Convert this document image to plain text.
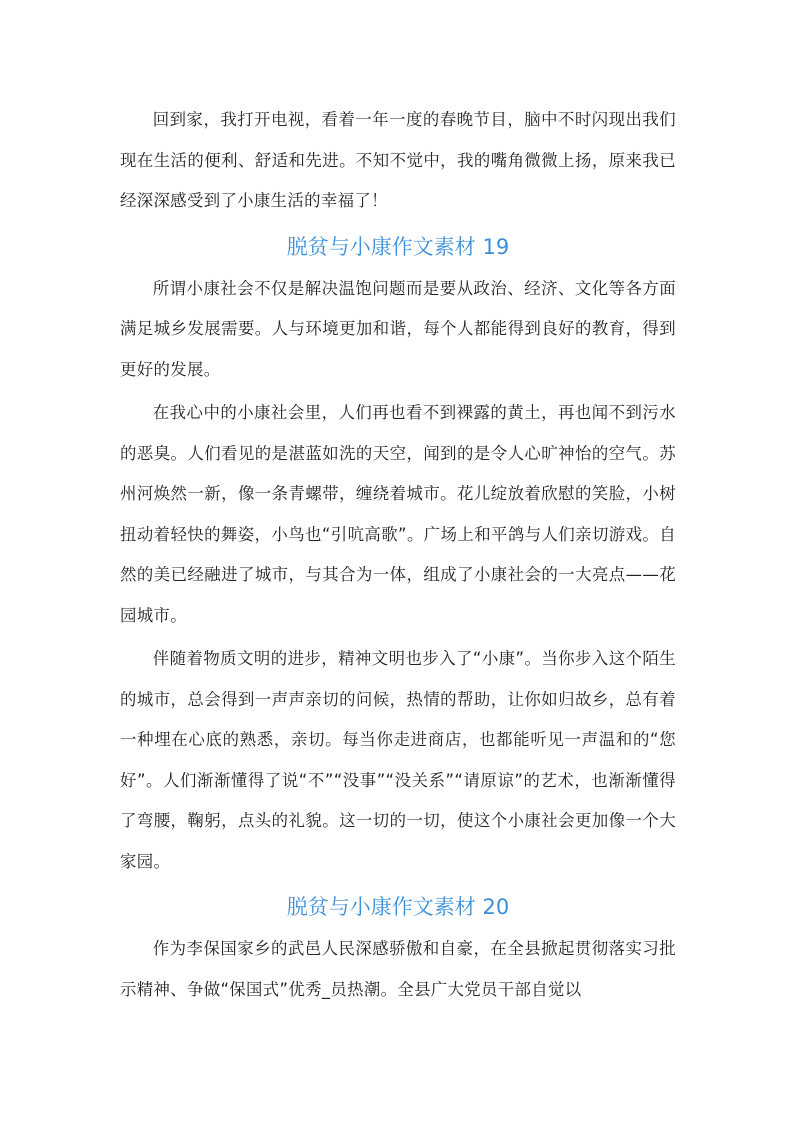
回到家，我打开电视，看着一年一度的春晚节目，脑中不时闪现出我们现在生活的便利、舒适和先进。不知不觉中，我的嘴角微微上扬，原来我已经深深感受到了小康生活的幸福了！

脱贫与小康作文素材 19

所谓小康社会不仅是解决温饱问题而是要从政治、经济、文化等各方面满足城乡发展需要。人与环境更加和谐，每个人都能得到良好的教育，得到更好的发展。

在我心中的小康社会里，人们再也看不到裸露的黄土，再也闻不到污水的恶臭。人们看见的是湛蓝如洗的天空，闻到的是令人心旷神怡的空气。苏州河焕然一新，像一条青螺带，缠绕着城市。花儿绽放着欣慰的笑脸，小树扭动着轻快的舞姿，小鸟也“引吭高歌”。广场上和平鸽与人们亲切游戏。自然的美已经融进了城市，与其合为一体，组成了小康社会的一大亮点——花园城市。

伴随着物质文明的进步，精神文明也步入了“小康”。当你步入这个陌生的城市，总会得到一声声亲切的问候，热情的帮助，让你如归故乡，总有着一种埋在心底的熟悉，亲切。每当你走进商店，也都能听见一声温和的“您好”。人们渐渐懂得了说“不”“没事”“没关系”“请原谅”的艺术，也渐渐懂得了弯腰，鞠躬，点头的礼貌。这一切的一切，使这个小康社会更加像一个大家园。

脱贫与小康作文素材 20

作为李保国家乡的武邑人民深感骄傲和自豪，在全县掀起贯彻落实习批示精神、争做“保国式”优秀_员热潮。全县广大党员干部自觉以
